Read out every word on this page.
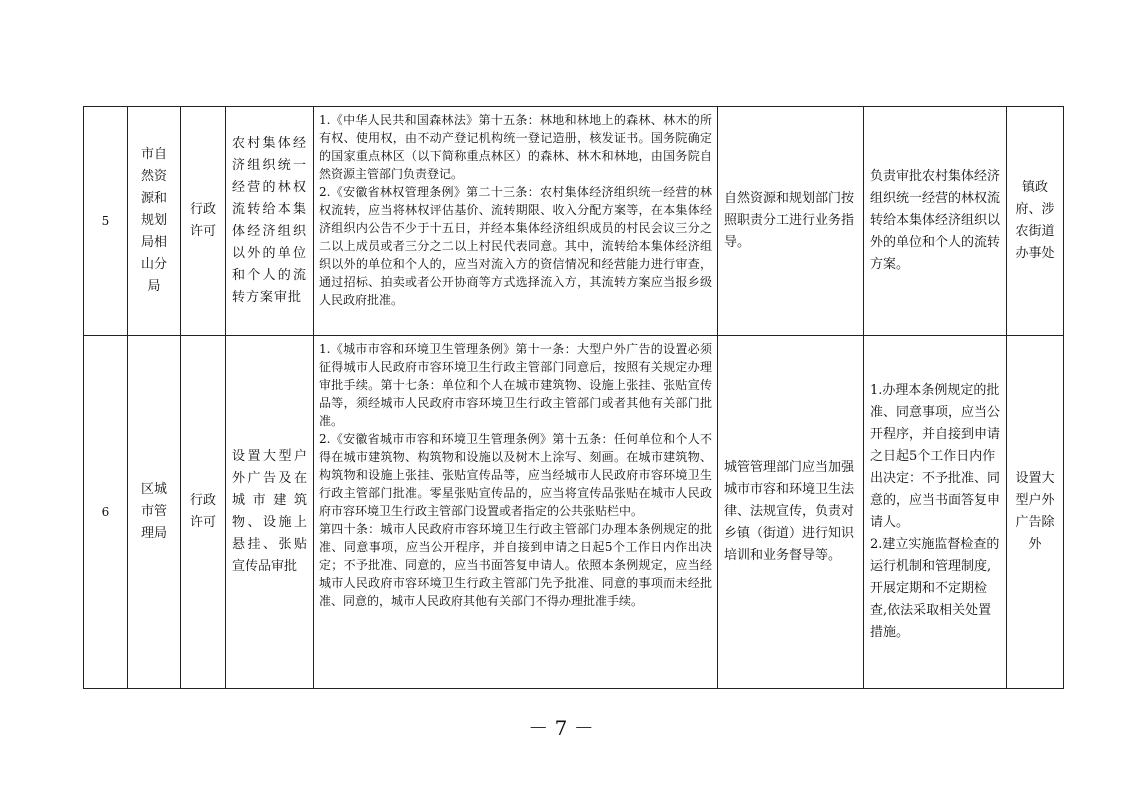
5	市自然资源和规划局相山分局	行政许可	农村集体经济组织统一经营的林权流转给本集体经济组织以外的单位和个人的流转方案审批	1.《中华人民共和国森林法》第十五条：林地和林地上的森林、林木的所有权、使用权，由不动产登记机构统一登记造册，核发证书。国务院确定的国家重点林区（以下简称重点林区）的森林、林木和林地，由国务院自然资源主管部门负责登记。
2.《安徽省林权管理条例》第二十三条：农村集体经济组织统一经营的林权流转，应当将林权评估基价、流转期限、收入分配方案等，在本集体经济组织内公告不少于十五日，并经本集体经济组织成员的村民会议三分之二以上成员或者三分之二以上村民代表同意。其中，流转给本集体经济组织以外的单位和个人的，应当对流入方的资信情况和经营能力进行审查，通过招标、拍卖或者公开协商等方式选择流入方，其流转方案应当报乡级人民政府批准。	自然资源和规划部门按照职责分工进行业务指导。	负责审批农村集体经济组织统一经营的林权流转给本集体经济组织以外的单位和个人的流转方案。	镇政府、涉农街道办事处

6	区城市管理局	行政许可	设置大型户外广告及在城市建筑物、设施上悬挂、张贴宣传品审批	1.《城市市容和环境卫生管理条例》第十一条：大型户外广告的设置必须征得城市人民政府市容环境卫生行政主管部门同意后，按照有关规定办理审批手续。第十七条：单位和个人在城市建筑物、设施上张挂、张贴宣传品等，须经城市人民政府市容环境卫生行政主管部门或者其他有关部门批准。
2.《安徽省城市市容和环境卫生管理条例》第十五条：任何单位和个人不得在城市建筑物、构筑物和设施以及树木上涂写、刻画。在城市建筑物、构筑物和设施上张挂、张贴宣传品等，应当经城市人民政府市容环境卫生行政主管部门批准。零星张贴宣传品的，应当将宣传品张贴在城市人民政府市容环境卫生行政主管部门设置或者指定的公共张贴栏中。
第四十条：城市人民政府市容环境卫生行政主管部门办理本条例规定的批准、同意事项，应当公开程序，并自接到申请之日起5个工作日内作出决定；不予批准、同意的，应当书面答复申请人。依照本条例规定，应当经城市人民政府市容环境卫生行政主管部门先予批准、同意的事项而未经批准、同意的，城市人民政府其他有关部门不得办理批准手续。	城管管理部门应当加强城市市容和环境卫生法律、法规宣传，负责对乡镇（街道）进行知识培训和业务督导等。	1.办理本条例规定的批准、同意事项，应当公开程序，并自接到申请之日起5个工作日内作出决定：不予批准、同意的，应当书面答复申请人。
2.建立实施监督检查的运行机制和管理制度,开展定期和不定期检查,依法采取相关处置措施。	设置大型户外广告除外
－ 7 －
